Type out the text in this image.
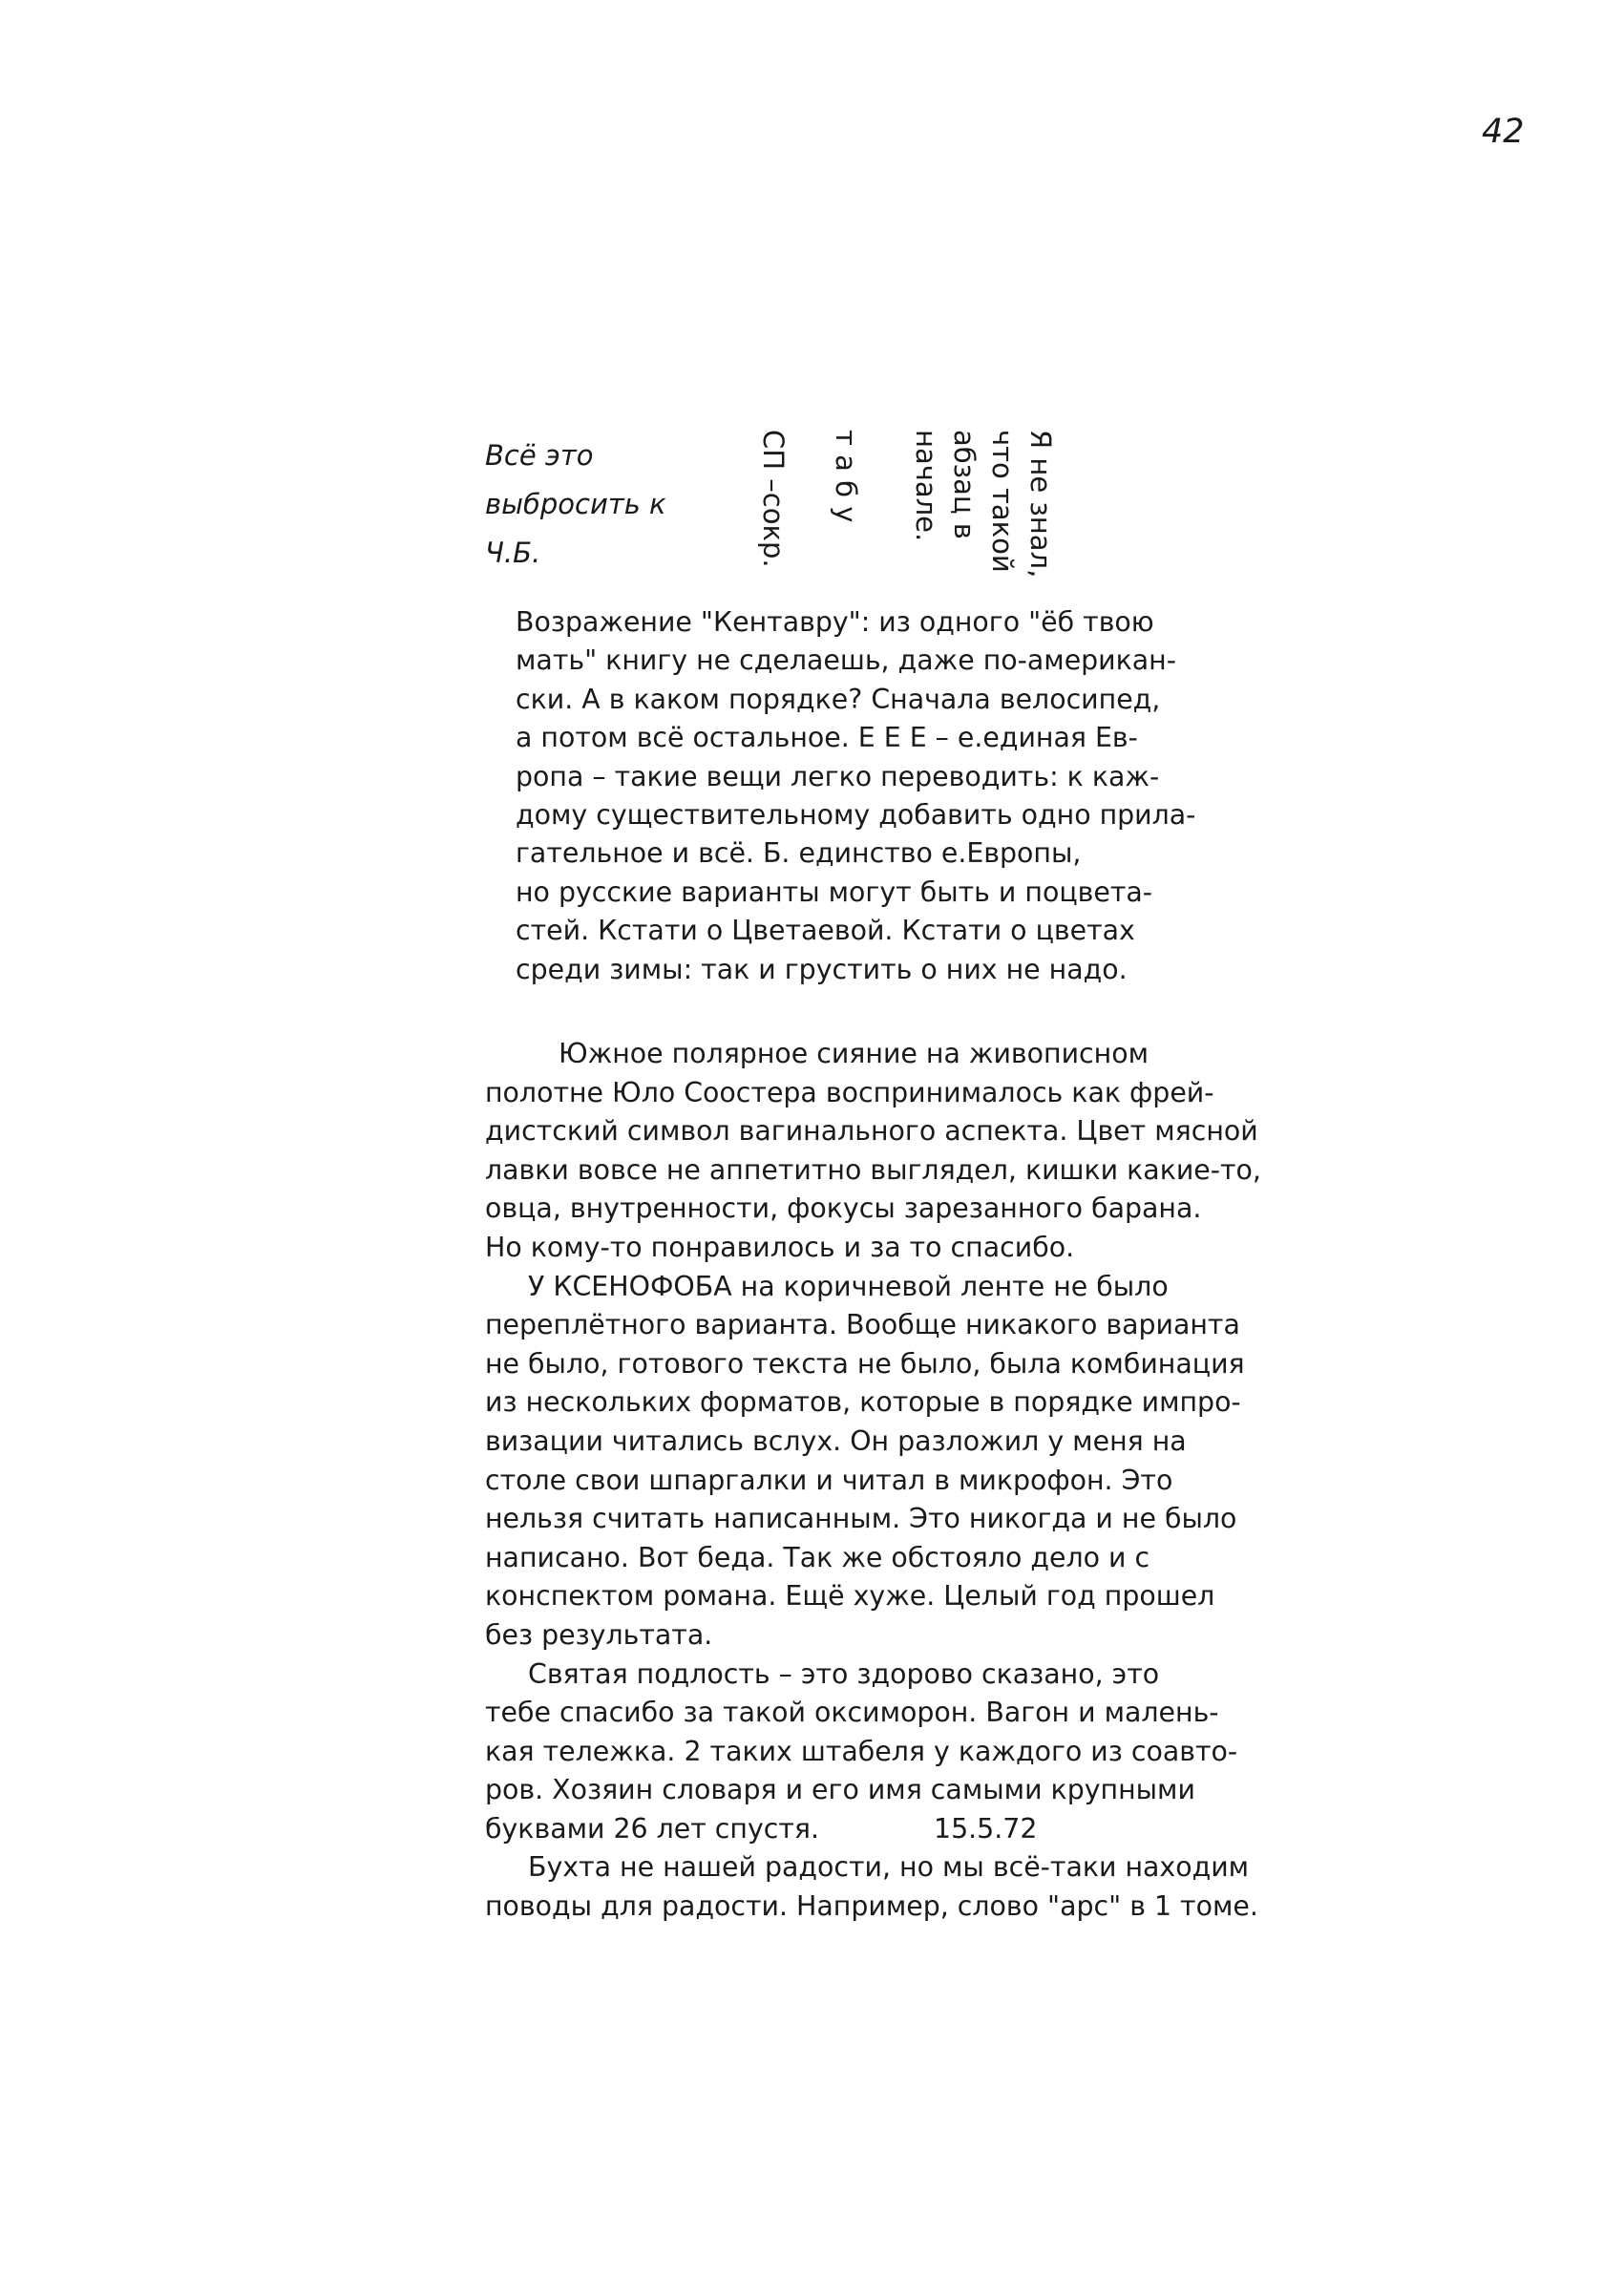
42
Всё это
выбросить к
Ч.Б.	СП –сокр. т а б у	Я не знал,
что такой
абзац в
начале.
Возражение "Кентавру": из одного "ёб твою
мать" книгу не сделаешь, даже по-американ-
ски. А в каком порядке? Сначала велосипед,
а потом всё остальное. Е Е Е – е.единая Ев-
ропа – такие вещи легко переводить: к каж-
дому существительному добавить одно прила-
гательное и всё. Б. единство е.Европы,
но русские варианты могут быть и поцвета-
стей. Кстати о Цветаевой. Кстати о цветах
среди зимы: так и грустить о них не надо.
Южное полярное сияние на живописном
полотне Юло Соостера воспринималось как фрей-
дистский символ вагинального аспекта. Цвет мясной
лавки вовсе не аппетитно выглядел, кишки какие-то,
овца, внутренности, фокусы зарезанного барана.
Но кому-то понравилось и за то спасибо.
У КСЕНОФОБА на коричневой ленте не было
переплётного варианта. Вообще никакого варианта
не было, готового текста не было, была комбинация
из нескольких форматов, которые в порядке импро-
визации читались вслух. Он разложил у меня на
столе свои шпаргалки и читал в микрофон. Это
нельзя считать написанным. Это никогда и не было
написано. Вот беда. Так же обстояло дело и с
конспектом романа. Ещё хуже. Целый год прошел
без результата.
Святая подлость – это здорово сказано, это
тебе спасибо за такой оксиморон. Вагон и малень-
кая тележка. 2 таких штабеля у каждого из соавто-
ров. Хозяин словаря и его имя самыми крупными
буквами 26 лет спустя.	15.5.72
Бухта не нашей радости, но мы всё-таки находим
поводы для радости. Например, слово "арс" в 1 томе.
